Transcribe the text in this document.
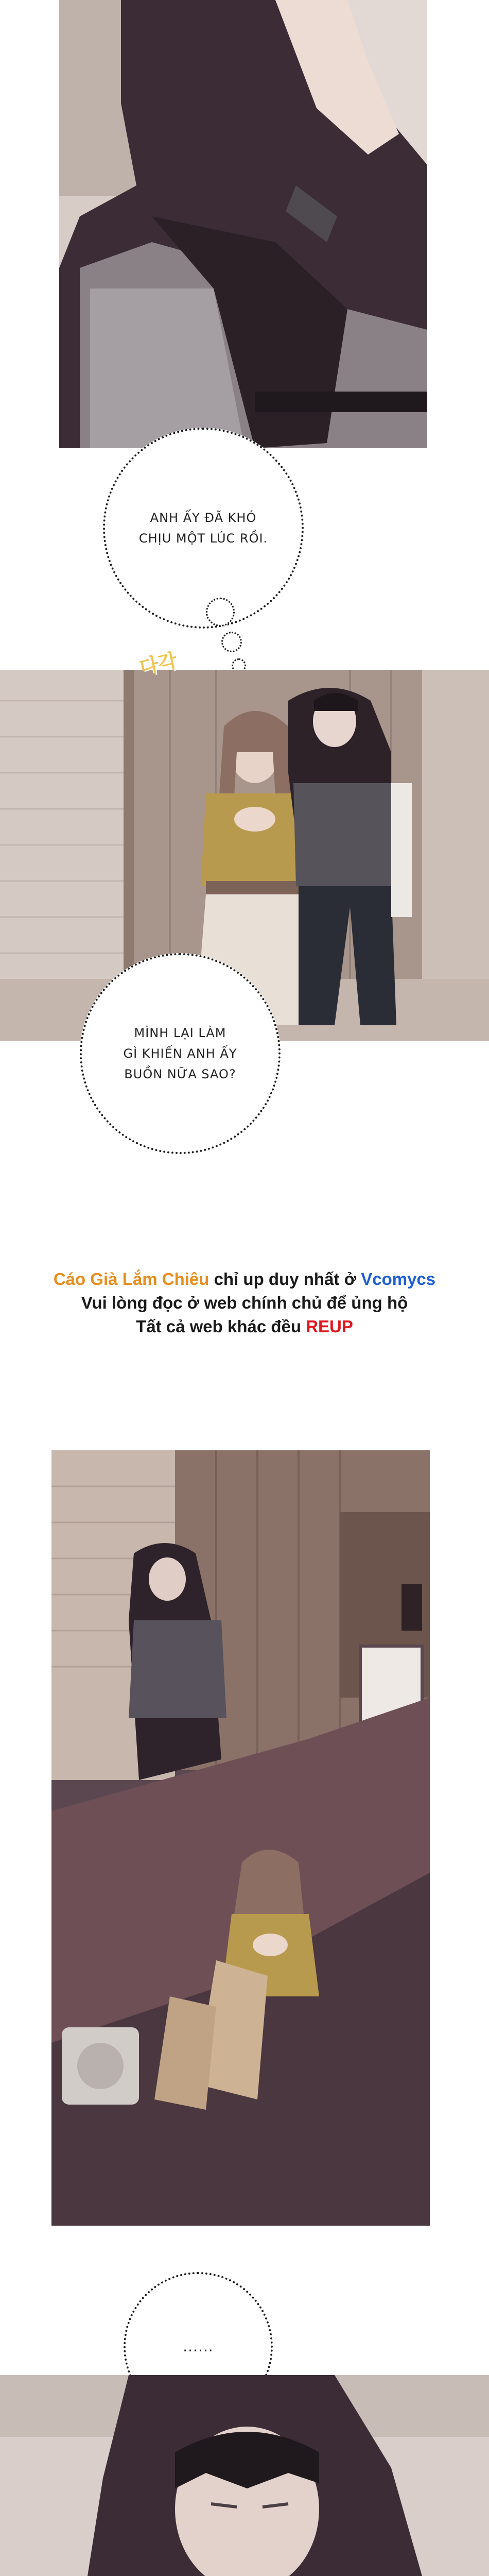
ANH ẤY ĐÃ KHÓ
CHỊU MỘT LÚC RỒI.
다각
MÌNH LẠI LÀM
GÌ KHIẾN ANH ẤY
BUỒN NỮA SAO?
Cáo Già Lắm Chiêu chỉ up duy nhất ở Vcomycs
Vui lòng đọc ở web chính chủ để ủng hộ
Tất cả web khác đều REUP
......
